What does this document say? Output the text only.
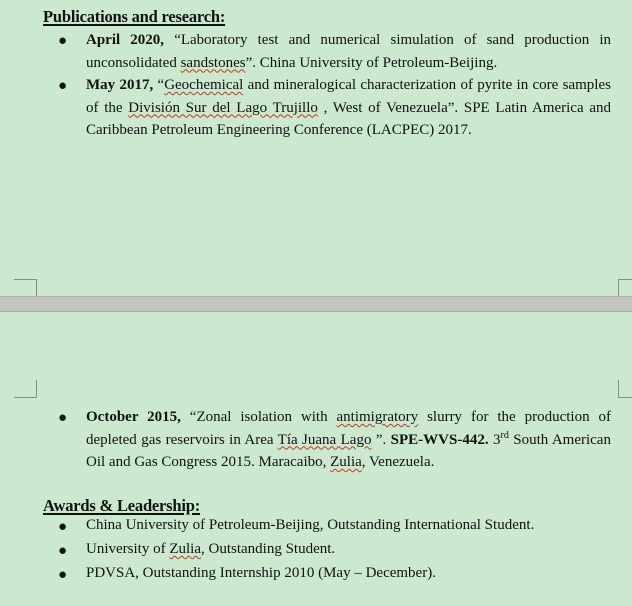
Publications and research:
● April 2020, “Laboratory test and numerical simulation of sand production in unconsolidated sandstones”. China University of Petroleum-Beijing.
● May 2017, “Geochemical and mineralogical characterization of pyrite in core samples of the División Sur del Lago Trujillo , West of Venezuela”. SPE Latin America and Caribbean Petroleum Engineering Conference (LACPEC) 2017.
● October 2015, “Zonal isolation with antimigratory slurry for the production of depleted gas reservoirs in Area Tía Juana Lago ”. SPE-WVS-442. 3rd South American Oil and Gas Congress 2015. Maracaibo, Zulia, Venezuela.
Awards & Leadership:
● China University of Petroleum-Beijing, Outstanding International Student.
● University of Zulia, Outstanding Student.
● PDVSA, Outstanding Internship 2010 (May – December).
